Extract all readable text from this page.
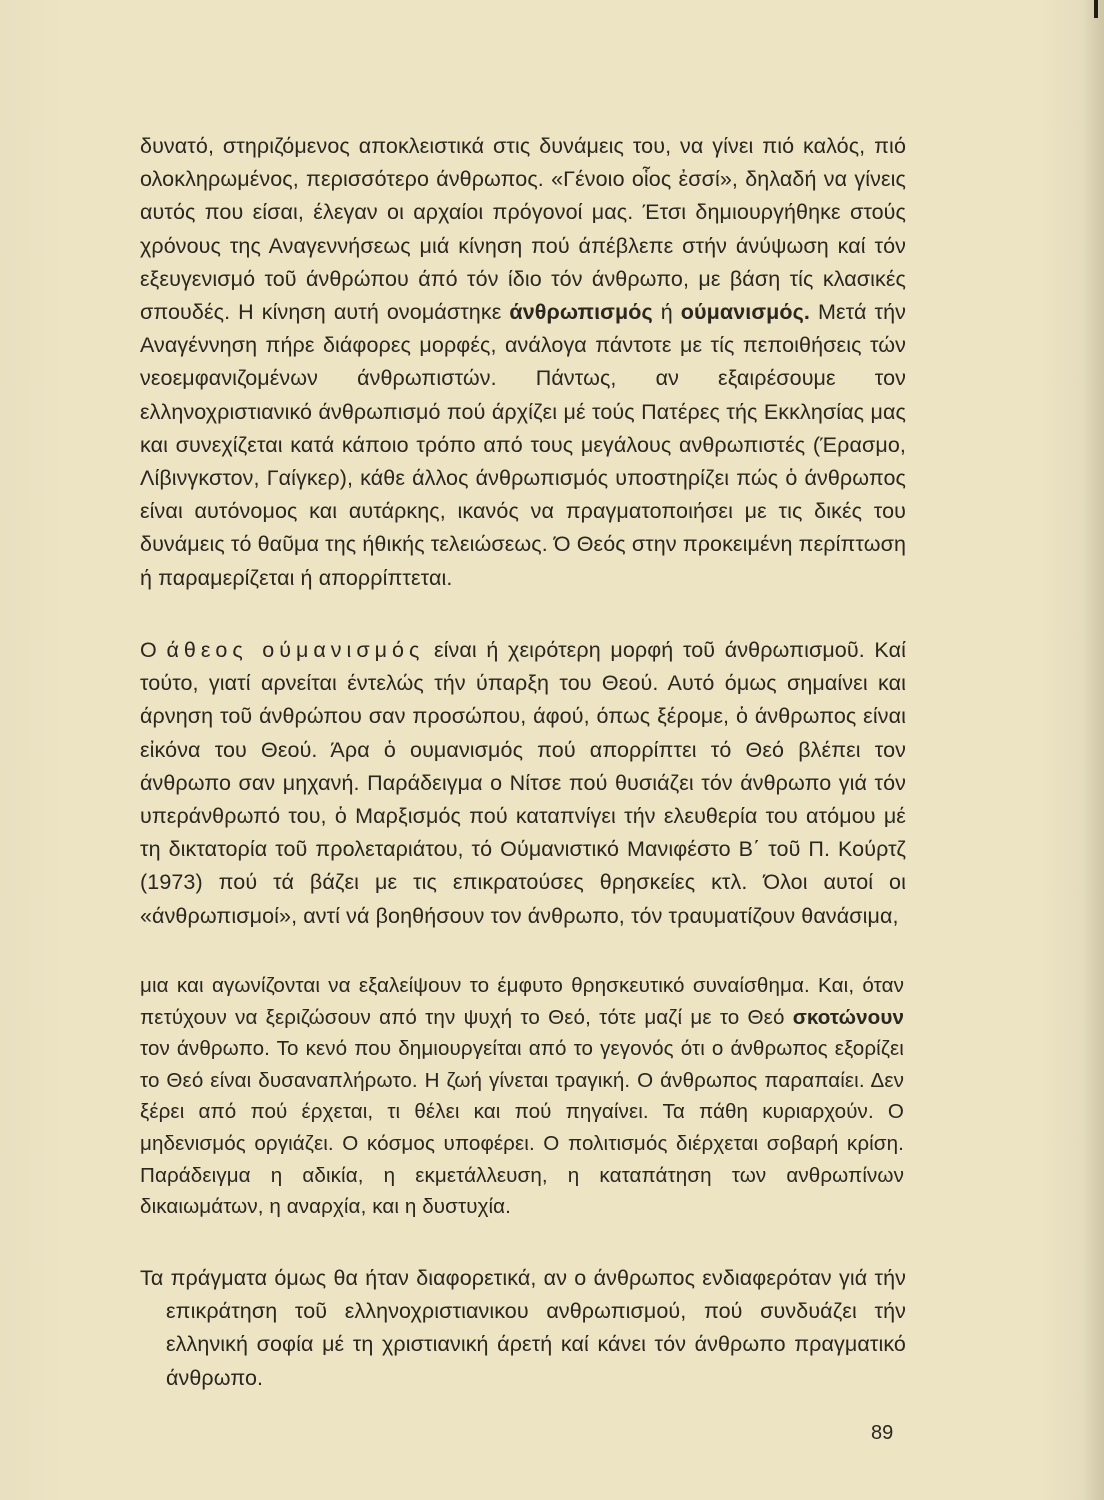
δυνατό, στηριζόμενος αποκλειστικά στις δυνάμεις του, να γίνει πιό καλός, πιό ολοκληρωμένος, περισσότερο άνθρωπος. «Γένοιο οἷος ἐσσί», δηλαδή να γίνεις αυτός που είσαι, έλεγαν οι αρχαίοι πρόγονοί μας. Έτσι δημιουργήθηκε στούς χρόνους της Αναγεννήσεως μιά κίνηση πού άπέβλεπε στήν άνύψωση καί τόν εξευγενισμό τοῦ άνθρώπου άπό τόν ίδιο τόν άνθρωπο, με βάση τίς κλασικές σπουδές. Η κίνηση αυτή ονομάστηκε άνθρωπισμός ή ούμανισμός. Μετά τήν Αναγέννηση πήρε διάφορες μορφές, ανάλογα πάντοτε με τίς πεποιθήσεις τών νεοεμφανιζομένων άνθρωπιστών. Πάντως, αν εξαιρέσουμε τον ελληνοχριστιανικό άνθρωπισμό πού άρχίζει μέ τούς Πατέρες τής Εκκλησίας μας και συνεχίζεται κατά κάποιο τρόπο από τους μεγάλους ανθρωπιστές (Έρασμο, Λίβινγκστον, Γαίγκερ), κάθε άλλος άνθρωπισμός υποστηρίζει πώς ὁ άνθρωπος είναι αυτόνομος και αυτάρκης, ικανός να πραγματοποιήσει με τις δικές του δυνάμεις τό θαῦμα της ήθικής τελειώσεως. Ό Θεός στην προκειμένη περίπτωση ή παραμερίζεται ή απορρίπτεται.

Ο άθεος ούμανισμός είναι ή χειρότερη μορφή τοῦ άνθρωπισμοῦ. Καί τούτο, γιατί αρνείται έντελώς τήν ύπαρξη του Θεού. Αυτό όμως σημαίνει και άρνηση τοῦ άνθρώπου σαν προσώπου, άφού, όπως ξέρομε, ὁ άνθρωπος είναι εἰκόνα του Θεού. Άρα ὁ ουμανισμός πού απορρίπτει τό Θεό βλέπει τον άνθρωπο σαν μηχανή. Παράδειγμα ο Νίτσε πού θυσιάζει τόν άνθρωπο γιά τόν υπεράνθρωπό του, ὁ Μαρξισμός πού καταπνίγει τήν ελευθερία του ατόμου μέ τη δικτατορία τοῦ προλεταριάτου, τό Ούμανιστικό Μανιφέστο Β΄ τοῦ Π. Κούρτζ (1973) πού τά βάζει με τις επικρατούσες θρησκείες κτλ. Όλοι αυτοί οι «άνθρωπισμοί», αντί νά βοηθήσουν τον άνθρωπο, τόν τραυματίζουν θανάσιμα,

μια και αγωνίζονται να εξαλείψουν το έμφυτο θρησκευτικό συναίσθημα. Και, όταν πετύχουν να ξεριζώσουν από την ψυχή το Θεό, τότε μαζί με το Θεό σκοτώνουν τον άνθρωπο. Το κενό που δημιουργείται από το γεγονός ότι ο άνθρωπος εξορίζει το Θεό είναι δυσαναπλήρωτο. Η ζωή γίνεται τραγική. Ο άνθρωπος παραπαίει. Δεν ξέρει από πού έρχεται, τι θέλει και πού πηγαίνει. Τα πάθη κυριαρχούν. Ο μηδενισμός οργιάζει. Ο κόσμος υποφέρει. Ο πολιτισμός διέρχεται σοβαρή κρίση. Παράδειγμα η αδικία, η εκμετάλλευση, η καταπάτηση των ανθρωπίνων δικαιωμάτων, η αναρχία, και η δυστυχία.

Τα πράγματα όμως θα ήταν διαφορετικά, αν ο άνθρωπος ενδιαφερόταν γιά τήν επικράτηση τοῦ ελληνοχριστιανικου ανθρωπισμού, πού συνδυάζει τήν ελληνική σοφία μέ τη χριστιανική άρετή καί κάνει τόν άνθρωπο πραγματικό άνθρωπο.

89
